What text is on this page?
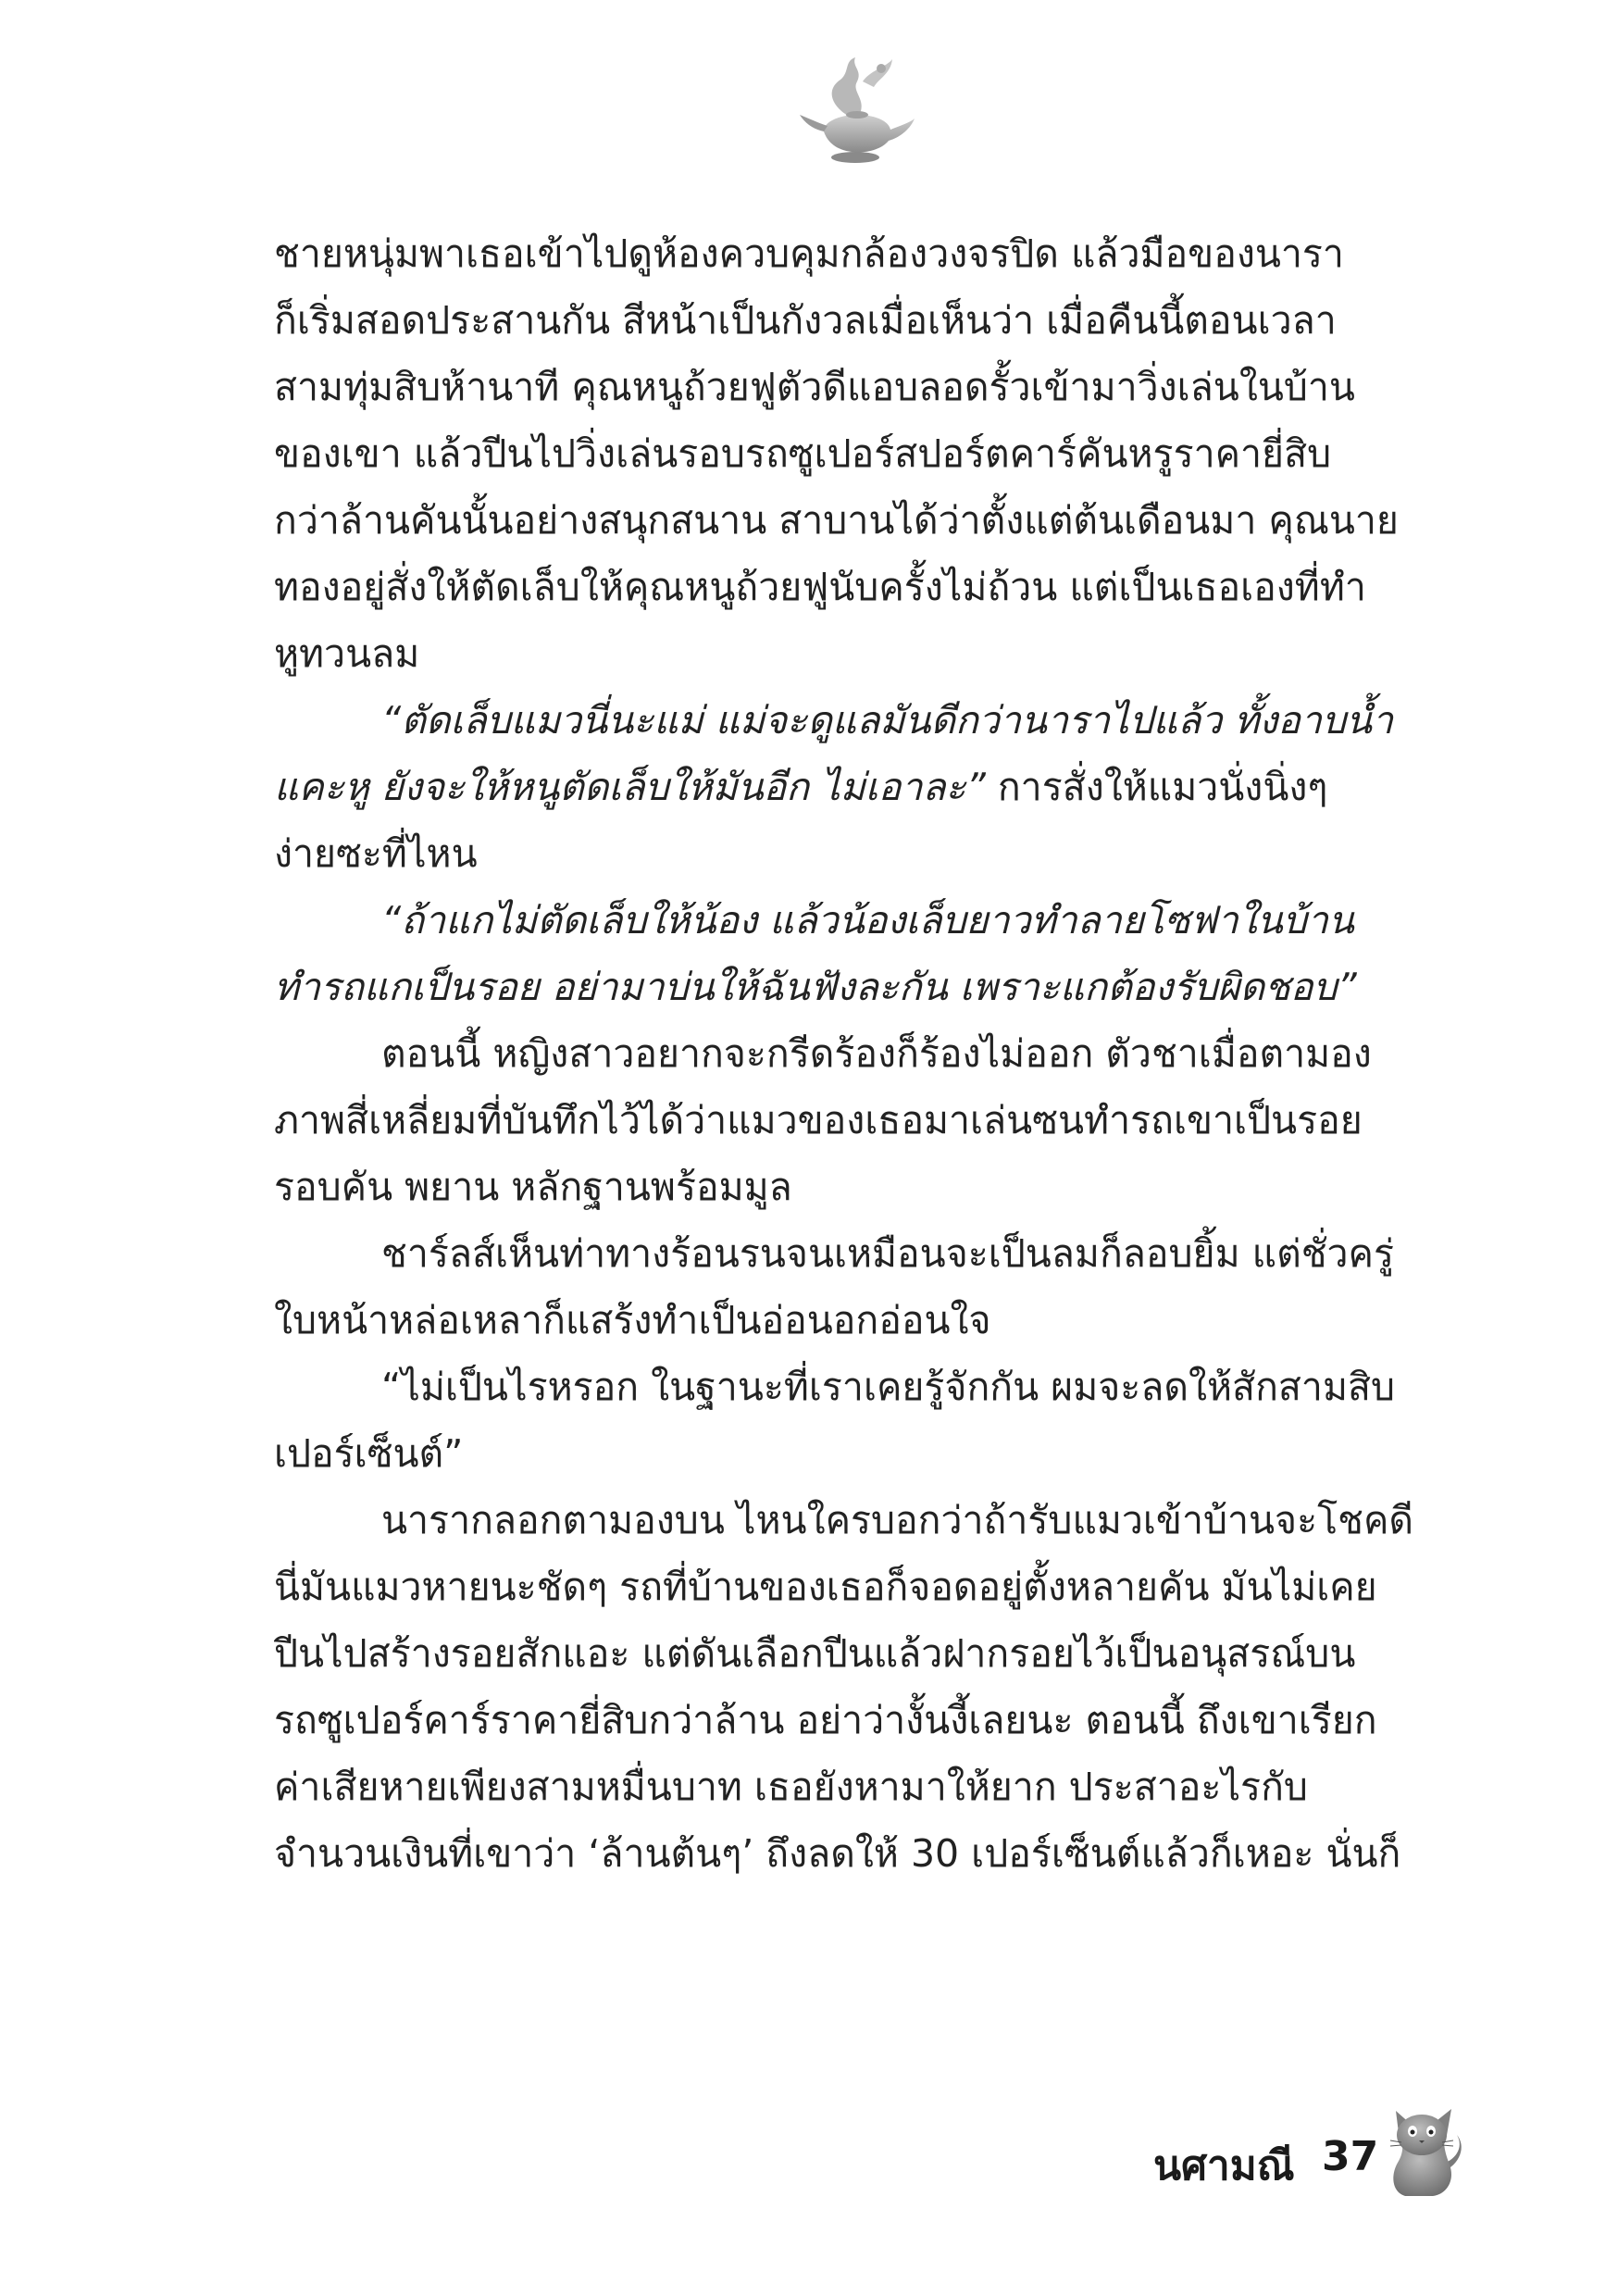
ชายหนุ่มพาเธอเข้าไปดูห้องควบคุมกล้องวงจรปิด แล้วมือของนารา
ก็เริ่มสอดประสานกัน สีหน้าเป็นกังวลเมื่อเห็นว่า เมื่อคืนนี้ตอนเวลา
สามทุ่มสิบห้านาที คุณหนูถ้วยฟูตัวดีแอบลอดรั้วเข้ามาวิ่งเล่นในบ้าน
ของเขา แล้วปีนไปวิ่งเล่นรอบรถซูเปอร์สปอร์ตคาร์คันหรูราคายี่สิบ
กว่าล้านคันนั้นอย่างสนุกสนาน สาบานได้ว่าตั้งแต่ต้นเดือนมา คุณนาย
ทองอยู่สั่งให้ตัดเล็บให้คุณหนูถ้วยฟูนับครั้งไม่ถ้วน แต่เป็นเธอเองที่ทำ
หูทวนลม
“ตัดเล็บแมวนี่นะแม่ แม่จะดูแลมันดีกว่านาราไปแล้ว ทั้งอาบน้ำ
แคะหู ยังจะให้หนูตัดเล็บให้มันอีก ไม่เอาละ” การสั่งให้แมวนั่งนิ่งๆ
ง่ายซะที่ไหน
“ถ้าแกไม่ตัดเล็บให้น้อง แล้วน้องเล็บยาวทำลายโซฟาในบ้าน
ทำรถแกเป็นรอย อย่ามาบ่นให้ฉันฟังละกัน เพราะแกต้องรับผิดชอบ”
ตอนนี้ หญิงสาวอยากจะกรีดร้องก็ร้องไม่ออก ตัวชาเมื่อตามอง
ภาพสี่เหลี่ยมที่บันทึกไว้ได้ว่าแมวของเธอมาเล่นซนทำรถเขาเป็นรอย
รอบคัน พยาน หลักฐานพร้อมมูล
ชาร์ลส์เห็นท่าทางร้อนรนจนเหมือนจะเป็นลมก็ลอบยิ้ม แต่ชั่วครู่
ใบหน้าหล่อเหลาก็แสร้งทำเป็นอ่อนอกอ่อนใจ
“ไม่เป็นไรหรอก ในฐานะที่เราเคยรู้จักกัน ผมจะลดให้สักสามสิบ
เปอร์เซ็นต์”
นารากลอกตามองบน ไหนใครบอกว่าถ้ารับแมวเข้าบ้านจะโชคดี
นี่มันแมวหายนะชัดๆ รถที่บ้านของเธอก็จอดอยู่ตั้งหลายคัน มันไม่เคย
ปีนไปสร้างรอยสักแอะ แต่ดันเลือกปีนแล้วฝากรอยไว้เป็นอนุสรณ์บน
รถซูเปอร์คาร์ราคายี่สิบกว่าล้าน อย่าว่างั้นงี้เลยนะ ตอนนี้ ถึงเขาเรียก
ค่าเสียหายเพียงสามหมื่นบาท เธอยังหามาให้ยาก ประสาอะไรกับ
จำนวนเงินที่เขาว่า ‘ล้านต้นๆ’ ถึงลดให้ 30 เปอร์เซ็นต์แล้วก็เหอะ นั่นก็
นศามณี 37
